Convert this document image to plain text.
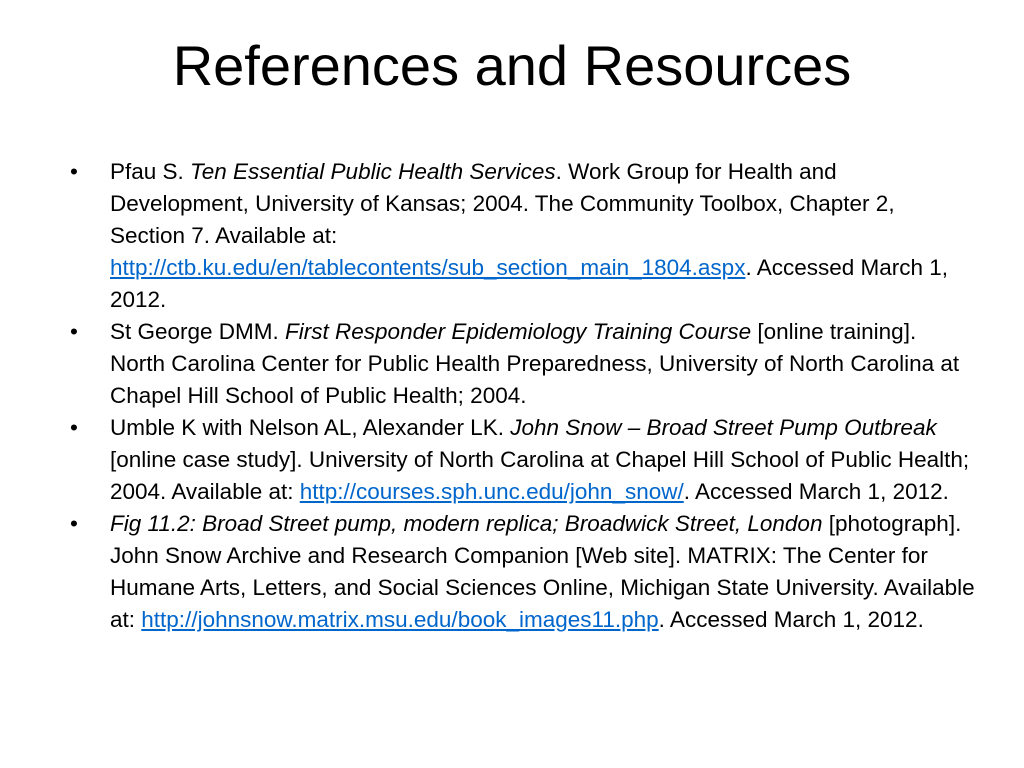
References and Resources
•	Pfau S. Ten Essential Public Health Services. Work Group for Health and Development, University of Kansas; 2004. The Community Toolbox, Chapter 2, Section 7. Available at: http://ctb.ku.edu/en/tablecontents/sub_section_main_1804.aspx. Accessed March 1, 2012.
•	St George DMM. First Responder Epidemiology Training Course [online training]. North Carolina Center for Public Health Preparedness, University of North Carolina at Chapel Hill School of Public Health; 2004.
•	Umble K with Nelson AL, Alexander LK. John Snow – Broad Street Pump Outbreak [online case study]. University of North Carolina at Chapel Hill School of Public Health; 2004. Available at: http://courses.sph.unc.edu/john_snow/. Accessed March 1, 2012.
•	Fig 11.2: Broad Street pump, modern replica; Broadwick Street, London [photograph]. John Snow Archive and Research Companion [Web site]. MATRIX: The Center for Humane Arts, Letters, and Social Sciences Online, Michigan State University. Available at: http://johnsnow.matrix.msu.edu/book_images11.php. Accessed March 1, 2012.
